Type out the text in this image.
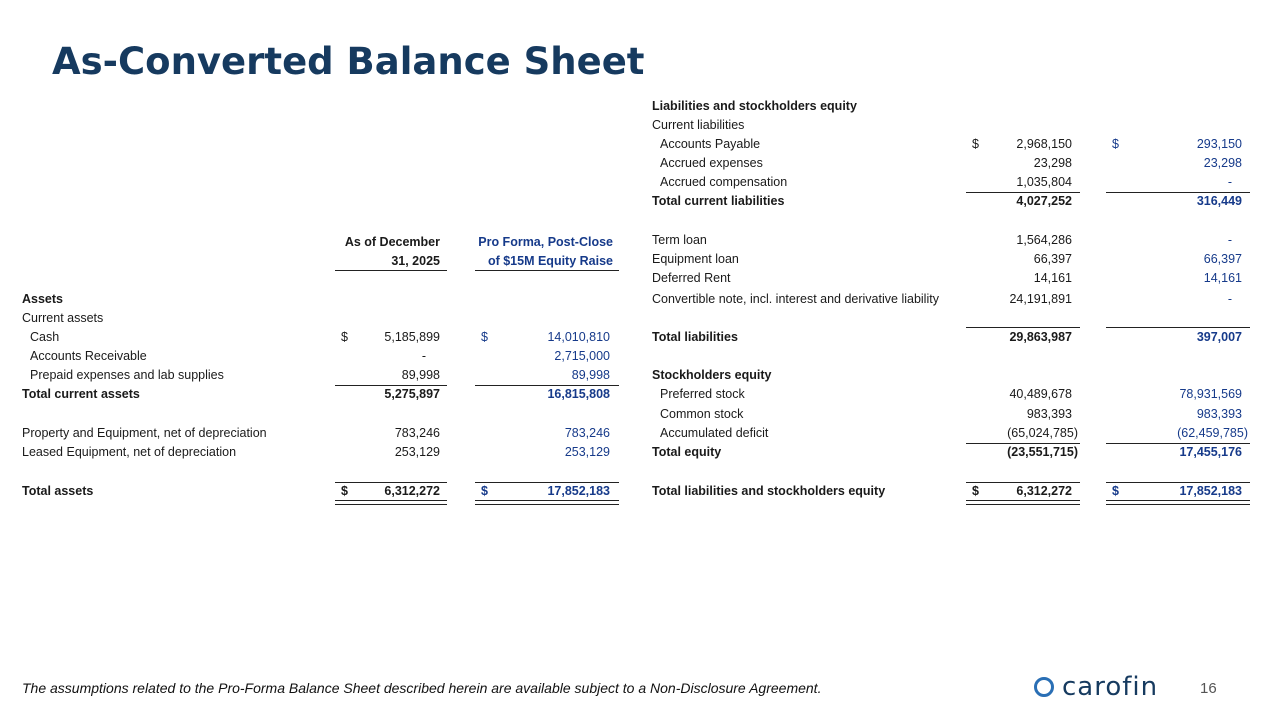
As-Converted Balance Sheet
As of December
31, 2025
Pro Forma, Post-Close
of $15M Equity Raise
Assets
Current assets
Cash	$	5,185,899	$	14,010,810
Accounts Receivable	-	2,715,000
Prepaid expenses and lab supplies	89,998	89,998
Total current assets	5,275,897	16,815,808
Property and Equipment, net of depreciation	783,246	783,246
Leased Equipment, net of depreciation	253,129	253,129
Total assets	$	6,312,272	$	17,852,183
Liabilities and stockholders equity
Current liabilities
Accounts Payable	$	2,968,150	$	293,150
Accrued expenses	23,298	23,298
Accrued compensation	1,035,804	-
Total current liabilities	4,027,252	316,449
Term loan	1,564,286	-
Equipment loan	66,397	66,397
Deferred Rent	14,161	14,161
Convertible note, incl. interest and derivative liability	24,191,891	-
Total liabilities	29,863,987	397,007
Stockholders equity
Preferred stock	40,489,678	78,931,569
Common stock	983,393	983,393
Accumulated deficit	(65,024,785)	(62,459,785)
Total equity	(23,551,715)	17,455,176
Total liabilities and stockholders equity	$	6,312,272	$	17,852,183
The assumptions related to the Pro-Forma Balance Sheet described herein are available subject to a Non-Disclosure Agreement.	carofin	16
